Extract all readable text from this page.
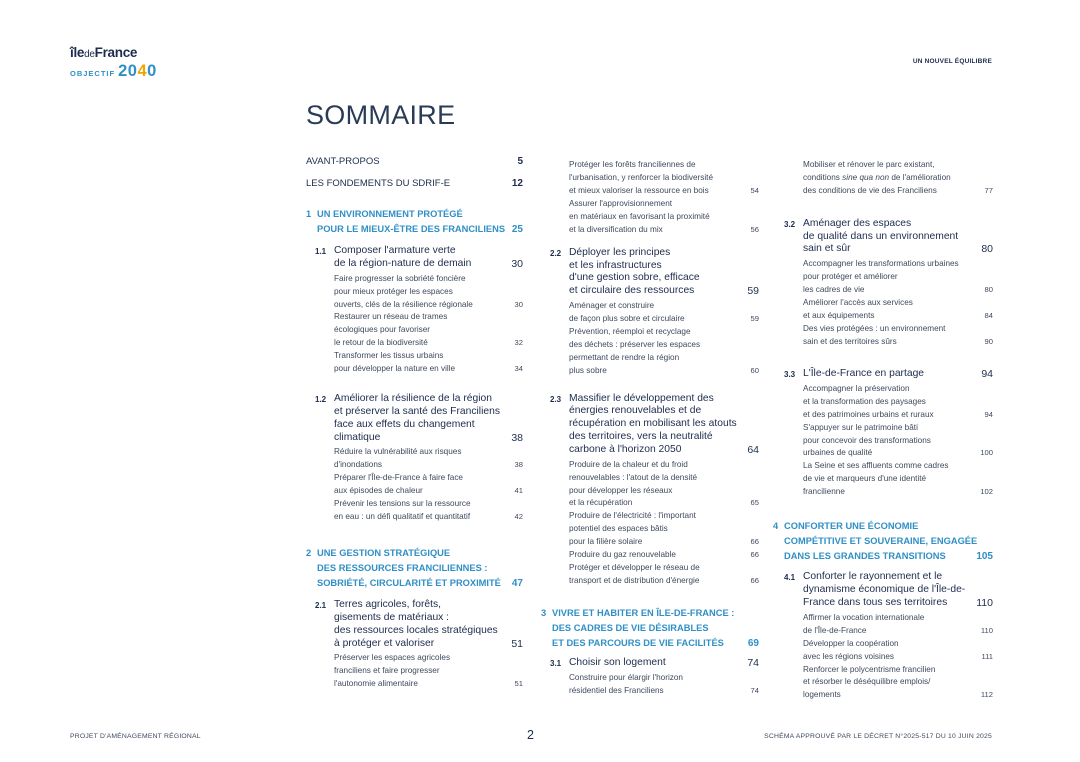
îledeFrance
OBJECTIF 2040
UN NOUVEL ÉQUILIBRE
SOMMAIRE
AVANT-PROPOS	5
LES FONDEMENTS DU SDRIF-E	12
1 UN ENVIRONNEMENT PROTÉGÉ
POUR LE MIEUX-ÊTRE DES FRANCILIENS 25
1.1 Composer l'armature verte
de la région-nature de demain	30
Faire progresser la sobriété foncière
pour mieux protéger les espaces
ouverts, clés de la résilience régionale	30
Restaurer un réseau de trames
écologiques pour favoriser
le retour de la biodiversité	32
Transformer les tissus urbains
pour développer la nature en ville	34
1.2 Améliorer la résilience de la région
et préserver la santé des Franciliens
face aux effets du changement
climatique	38
Réduire la vulnérabilité aux risques
d'inondations	38
Préparer l'Île-de-France à faire face
aux épisodes de chaleur	41
Prévenir les tensions sur la ressource
en eau : un défi qualitatif et quantitatif	42
2 UNE GESTION STRATÉGIQUE
DES RESSOURCES FRANCILIENNES :
SOBRIÉTÉ, CIRCULARITÉ ET PROXIMITÉ	47
2.1 Terres agricoles, forêts,
gisements de matériaux :
des ressources locales stratégiques
à protéger et valoriser	51
Préserver les espaces agricoles
franciliens et faire progresser
l'autonomie alimentaire	51
Protéger les forêts franciliennes de
l'urbanisation, y renforcer la biodiversité
et mieux valoriser la ressource en bois	54
Assurer l'approvisionnement
en matériaux en favorisant la proximité
et la diversification du mix	56
2.2 Déployer les principes
et les infrastructures
d'une gestion sobre, efficace
et circulaire des ressources	59
Aménager et construire
de façon plus sobre et circulaire	59
Prévention, réemploi et recyclage
des déchets : préserver les espaces
permettant de rendre la région
plus sobre	60
2.3 Massifier le développement des
énergies renouvelables et de
récupération en mobilisant les atouts
des territoires, vers la neutralité
carbone à l'horizon 2050	64
Produire de la chaleur et du froid
renouvelables : l'atout de la densité
pour développer les réseaux
et la récupération	65
Produire de l'électricité : l'important
potentiel des espaces bâtis
pour la filière solaire	66
Produire du gaz renouvelable	66
Protéger et développer le réseau de
transport et de distribution d'énergie	66
3 VIVRE ET HABITER EN ÎLE-DE-FRANCE :
DES CADRES DE VIE DÉSIRABLES
ET DES PARCOURS DE VIE FACILITÉS	69
3.1 Choisir son logement	74
Construire pour élargir l'horizon
résidentiel des Franciliens	74
Mobiliser et rénover le parc existant,
conditions sine qua non de l'amélioration
des conditions de vie des Franciliens	77
3.2 Aménager des espaces
de qualité dans un environnement
sain et sûr	80
Accompagner les transformations urbaines
pour protéger et améliorer
les cadres de vie	80
Améliorer l'accès aux services
et aux équipements	84
Des vies protégées : un environnement
sain et des territoires sûrs	90
3.3 L'Île-de-France en partage	94
Accompagner la préservation
et la transformation des paysages
et des patrimoines urbains et ruraux	94
S'appuyer sur le patrimoine bâti
pour concevoir des transformations
urbaines de qualité	100
La Seine et ses affluents comme cadres
de vie et marqueurs d'une identité
francilienne	102
4 CONFORTER UNE ÉCONOMIE
COMPÉTITIVE ET SOUVERAINE, ENGAGÉE
DANS LES GRANDES TRANSITIONS	105
4.1 Conforter le rayonnement et le
dynamisme économique de l'Île-de-
France dans tous ses territoires	110
Affirmer la vocation internationale
de l'Île-de-France	110
Développer la coopération
avec les régions voisines	111
Renforcer le polycentrisme francilien
et résorber le déséquilibre emplois/
logements	112
PROJET D'AMÉNAGEMENT RÉGIONAL	2	SCHÉMA APPROUVÉ PAR LE DÉCRET N°2025-517 DU 10 JUIN 2025
